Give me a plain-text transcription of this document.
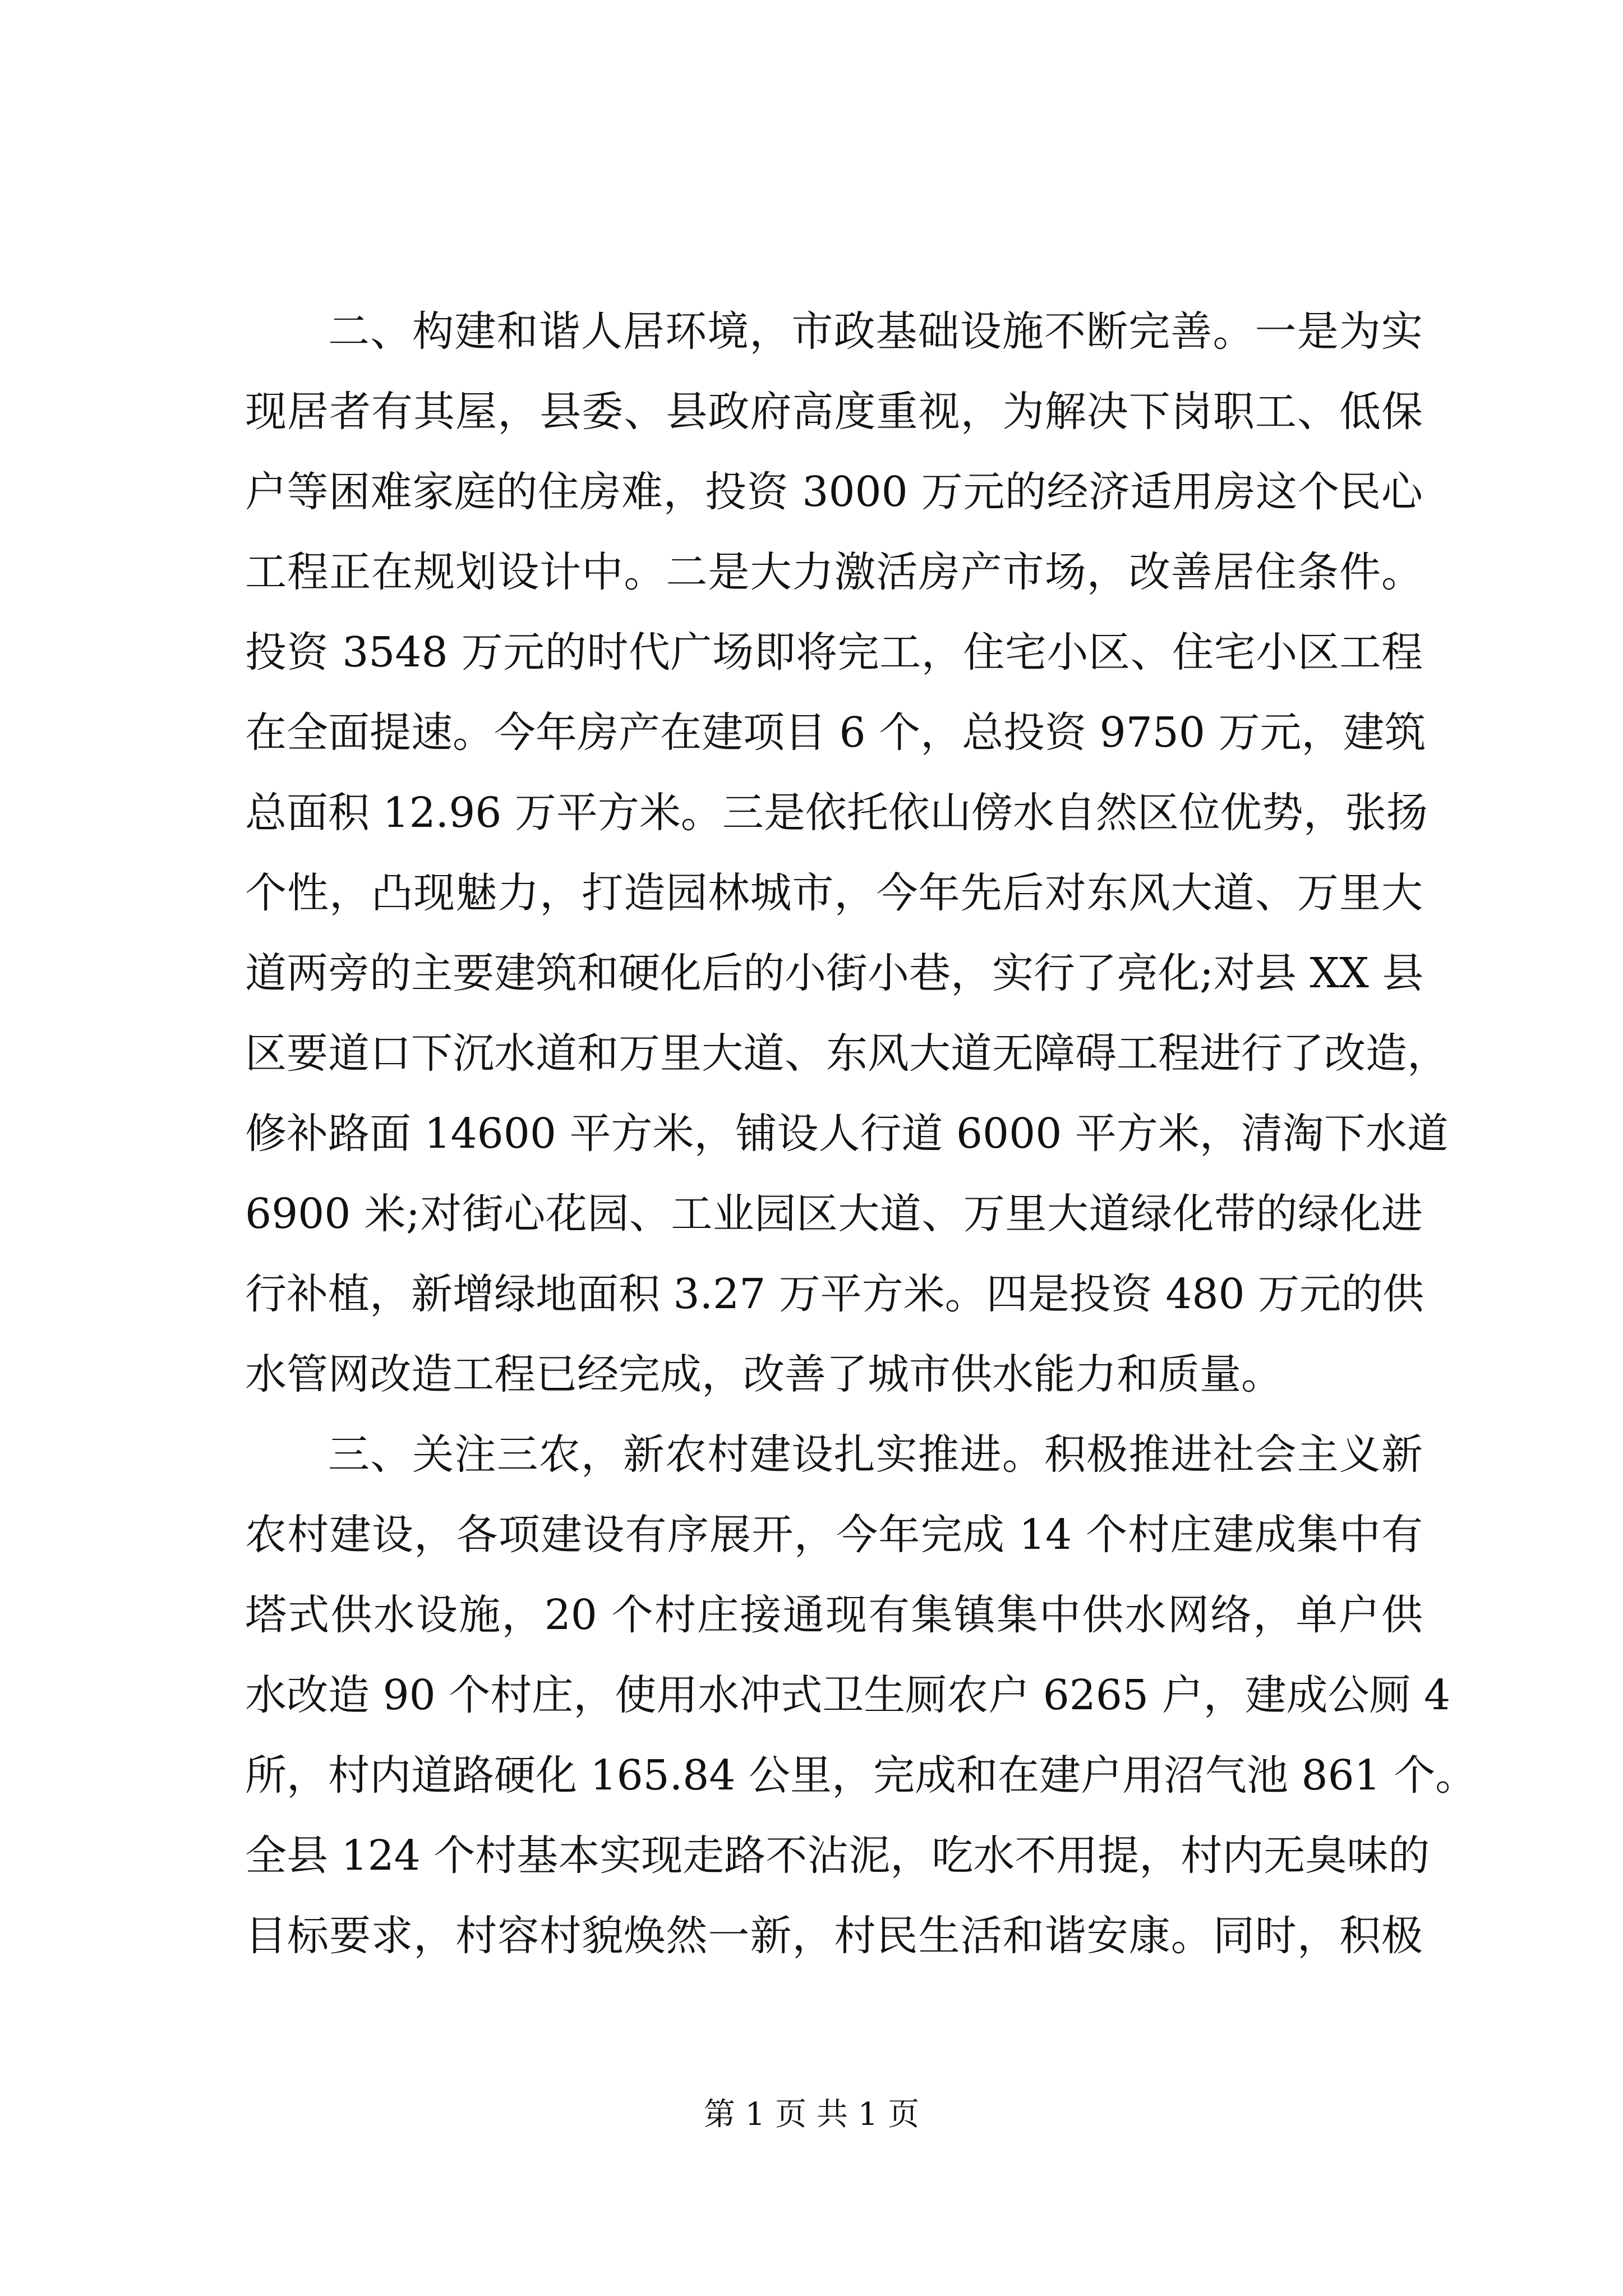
二、构建和谐人居环境，市政基础设施不断完善。一是为实
现居者有其屋，县委、县政府高度重视，为解决下岗职工、低保
户等困难家庭的住房难，投资 3000 万元的经济适用房这个民心
工程正在规划设计中。二是大力激活房产市场，改善居住条件。
投资 3548 万元的时代广场即将完工，住宅小区、住宅小区工程
在全面提速。今年房产在建项目 6 个，总投资 9750 万元，建筑
总面积 12.96 万平方米。三是依托依山傍水自然区位优势，张扬
个性，凸现魅力，打造园林城市，今年先后对东风大道、万里大
道两旁的主要建筑和硬化后的小街小巷，实行了亮化;对县 XX 县
区要道口下沉水道和万里大道、东风大道无障碍工程进行了改造，
修补路面 14600 平方米，铺设人行道 6000 平方米，清淘下水道
6900 米;对街心花园、工业园区大道、万里大道绿化带的绿化进
行补植，新增绿地面积 3.27 万平方米。四是投资 480 万元的供
水管网改造工程已经完成，改善了城市供水能力和质量。
三、关注三农，新农村建设扎实推进。积极推进社会主义新
农村建设，各项建设有序展开，今年完成 14 个村庄建成集中有
塔式供水设施，20 个村庄接通现有集镇集中供水网络，单户供
水改造 90 个村庄，使用水冲式卫生厕农户 6265 户，建成公厕 4
所，村内道路硬化 165.84 公里，完成和在建户用沼气池 861 个。
全县 124 个村基本实现走路不沾泥，吃水不用提，村内无臭味的
目标要求，村容村貌焕然一新，村民生活和谐安康。同时，积极
第 1 页 共 1 页
